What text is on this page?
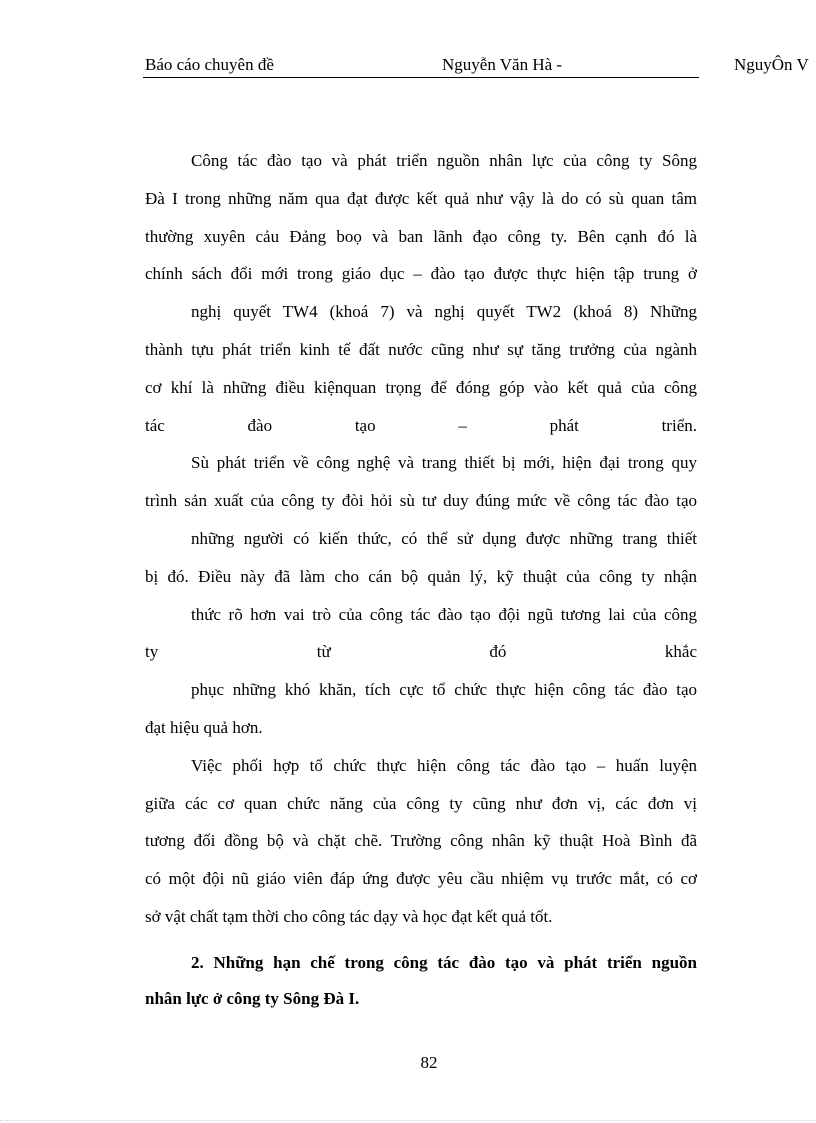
Báo cáo chuyên đề	Nguyễn Văn Hà -	NguyÔn V
Công tác đào tạo và phát triển nguồn nhân lực của công ty Sông
Đà I trong những năm qua đạt được kết quả như vậy là do có sù quan tâm
thường xuyên cảu Đảng boọ và ban lãnh đạo công ty. Bên cạnh đó là
chính sách đổi mới trong giáo dục – đào tạo được thực hiện tập trung ở
nghị quyết TW4 (khoá 7) và nghị quyết TW2 (khoá 8) Những
thành tựu phát triển kinh tế đất nước cũng như sự tăng trưởng của ngành
cơ khí là những điều kiệnquan trọng để đóng góp vào kết quả của công
tác đào tạo – phát triển.
Sù phát triển về công nghệ và trang thiết bị mới, hiện đại trong quy
trình sản xuất của công ty đòi hỏi sù tư duy đúng mức về công tác đào tạo
những người có kiến thức, có thể sử dụng được những trang thiết
bị đó. Điều này đã làm cho cán bộ quản lý, kỹ thuật của công ty nhận
thức rõ hơn vai trò của công tác đào tạo đội ngũ tương lai của công
ty từ đó khắc
phục những khó khăn, tích cực tổ chức thực hiện công tác đào tạo
đạt hiệu quả hơn.
Việc phối hợp tổ chức thực hiện công tác đào tạo – huấn luyện
giữa các cơ quan chức năng của công ty cũng như đơn vị, các đơn vị
tương đối đồng bộ và chặt chẽ. Trường công nhân kỹ thuật Hoà Bình đã
có một đội nũ giáo viên đáp ứng được yêu cầu nhiệm vụ trước mắt, có cơ
sở vật chất tạm thời cho công tác dạy và học đạt kết quả tốt.
2. Những hạn chế trong công tác đào tạo và phát triển nguồn
nhân lực ở công ty Sông Đà I.
82
